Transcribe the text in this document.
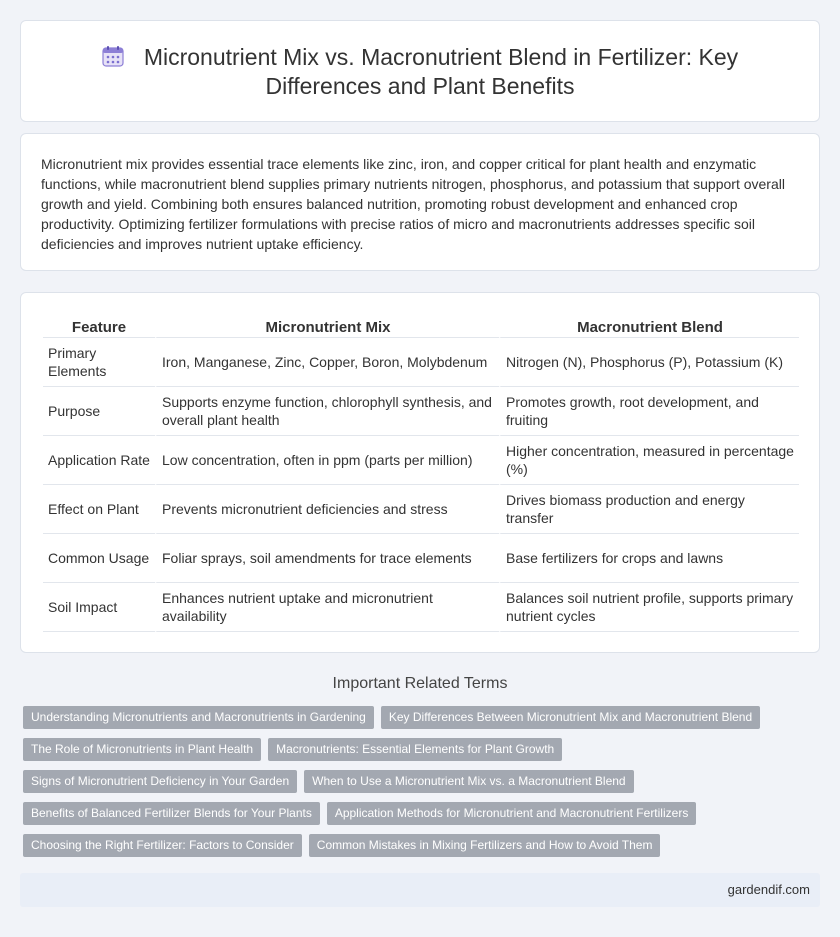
Micronutrient Mix vs. Macronutrient Blend in Fertilizer: Key
Differences and Plant Benefits

Micronutrient mix provides essential trace elements like zinc, iron, and copper critical for plant health and enzymatic functions, while macronutrient blend supplies primary nutrients nitrogen, phosphorus, and potassium that support overall growth and yield. Combining both ensures balanced nutrition, promoting robust development and enhanced crop productivity. Optimizing fertilizer formulations with precise ratios of micro and macronutrients addresses specific soil deficiencies and improves nutrient uptake efficiency.

Feature	Micronutrient Mix	Macronutrient Blend
Primary Elements	Iron, Manganese, Zinc, Copper, Boron, Molybdenum	Nitrogen (N), Phosphorus (P), Potassium (K)
Purpose	Supports enzyme function, chlorophyll synthesis, and overall plant health	Promotes growth, root development, and fruiting
Application Rate	Low concentration, often in ppm (parts per million)	Higher concentration, measured in percentage (%)
Effect on Plant	Prevents micronutrient deficiencies and stress	Drives biomass production and energy transfer
Common Usage	Foliar sprays, soil amendments for trace elements	Base fertilizers for crops and lawns
Soil Impact	Enhances nutrient uptake and micronutrient availability	Balances soil nutrient profile, supports primary nutrient cycles
Important Related Terms
Understanding Micronutrients and Macronutrients in Gardening	Key Differences Between Micronutrient Mix and Macronutrient Blend
The Role of Micronutrients in Plant Health	Macronutrients: Essential Elements for Plant Growth
Signs of Micronutrient Deficiency in Your Garden	When to Use a Micronutrient Mix vs. a Macronutrient Blend
Benefits of Balanced Fertilizer Blends for Your Plants	Application Methods for Micronutrient and Macronutrient Fertilizers
Choosing the Right Fertilizer: Factors to Consider	Common Mistakes in Mixing Fertilizers and How to Avoid Them
gardendif.com
